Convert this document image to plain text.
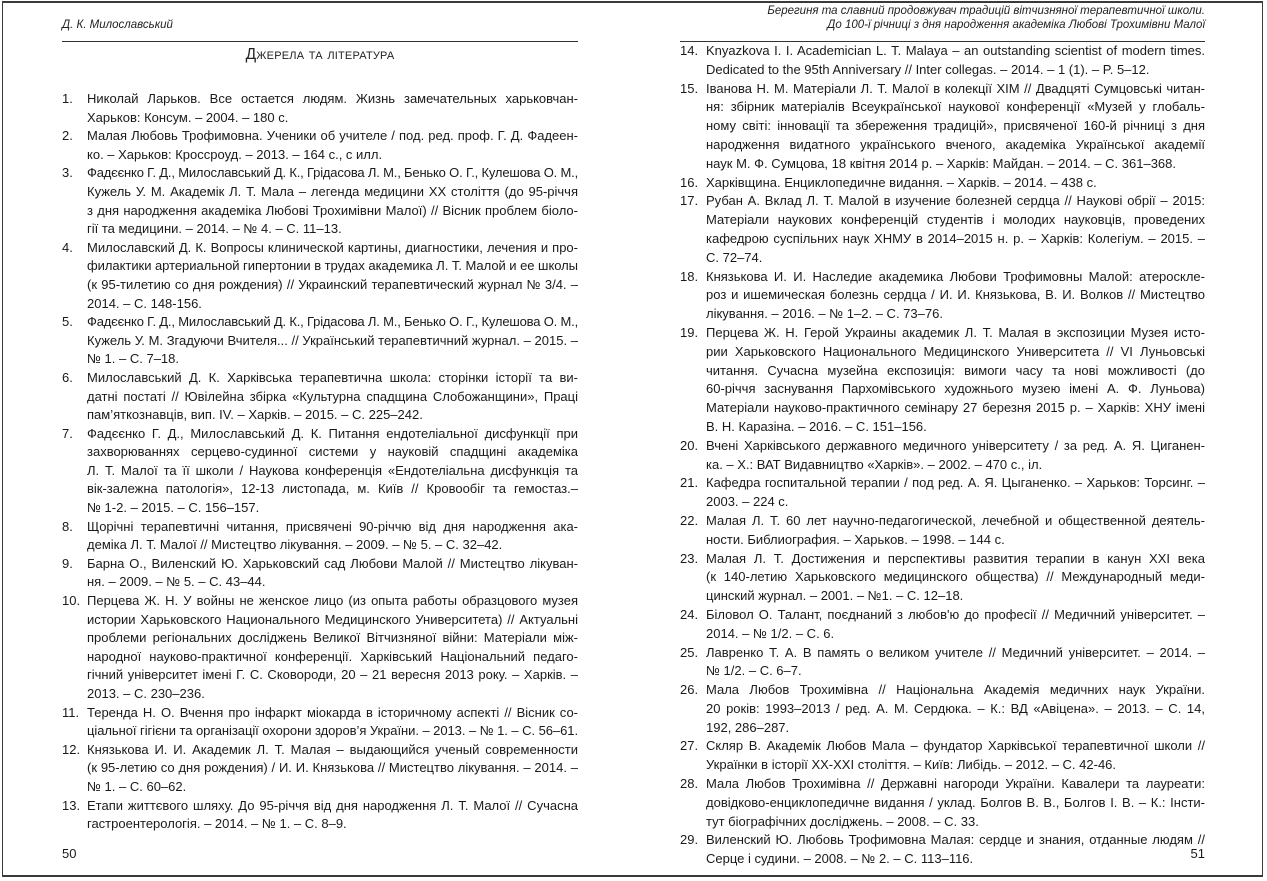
Д. К. Милославський
Джерела та література
1. Николай Ларьков. Все остается людям. Жизнь замечательных харьковчан-
Харьков: Консум. – 2004. – 180 с.
2. Малая Любовь Трофимовна. Ученики об учителе / под. ред. проф. Г. Д. Фадеен-
ко. – Харьков: Кроссроуд. – 2013. – 164 с., с илл.
3. Фадєєнко Г. Д., Милославський Д. К., Грідасова Л. М., Бенько О. Г., Кулешова О. М.,
Кужель У. М. Академік Л. Т. Мала – легенда медицини ХХ століття (до 95-річчя
з дня народження академіка Любові Трохимівни Малої) // Вісник проблем біоло-
гії та медицини. – 2014. – № 4. – С. 11–13.
4. Милославский Д. К. Вопросы клинической картины, диагностики, лечения и про-
филактики артериальной гипертонии в трудах академика Л. Т. Малой и ее школы
(к 95-тилетию со дня рождения) // Украинский терапевтический журнал № 3/4. –
2014. – С. 148-156.
5. Фадєєнко Г. Д., Милославський Д. К., Грідасова Л. М., Бенько О. Г., Кулешова О. М.,
Кужель У. М. Згадуючи Вчителя... // Український терапевтичний журнал. – 2015. –
№ 1. – С. 7–18.
6. Милославський Д. К. Харківська терапевтична школа: сторінки історії та ви-
датні постаті // Ювілейна збірка «Культурна спадщина Слобожанщини», Праці
пам’яткознавців, вип. IV. – Харків. – 2015. – С. 225–242.
7. Фадєєнко Г. Д., Милославський Д. К. Питання ендотеліальної дисфункції при
захворюваннях серцево-судинної системи у науковій спадщині академіка
Л. Т. Малої та її школи / Наукова конференція «Ендотеліальна дисфункція та
вік-залежна патологія», 12-13 листопада, м. Київ // Кровообіг та гемостаз.–
№ 1-2. – 2015. – С. 156–157.
8. Щорічні терапевтичні читання, присвячені 90-річчю від дня народження ака-
деміка Л. Т. Малої // Мистецтво лікування. – 2009. – № 5. – С. 32–42.
9. Барна О., Виленский Ю. Харьковский сад Любови Малой // Мистецтво лікуван-
ня. – 2009. – № 5. – С. 43–44.
10. Перцева Ж. Н. У войны не женское лицо (из опыта работы образцового музея
истории Харьковского Национального Медицинского Университета) // Актуальні
проблеми регіональних досліджень Великої Вітчизняної війни: Матеріали між-
народної науково-практичної конференції. Харківський Національний педаго-
гічний університет імені Г. С. Сковороди, 20 – 21 вересня 2013 року. – Харків. –
2013. – С. 230–236.
11. Теренда Н. О. Вчення про інфаркт міокарда в історичному аспекті // Вісник со-
ціальної гігієни та організації охорони здоров’я України. – 2013. – № 1. – С. 56–61.
12. Князькова И. И. Академик Л. Т. Малая – выдающийся ученый современности
(к 95-летию со дня рождения) / И. И. Князькова // Мистецтво лікування. – 2014. –
№ 1. – С. 60–62.
13. Етапи життєвого шляху. До 95-річчя від дня народження Л. Т. Малої // Сучасна
гастроентерологія. – 2014. – № 1. – С. 8–9.
50
Берегиня та славний продовжувач традицій вітчизняної терапевтичної школи.
До 100-ї річниці з дня народження академіка Любові Трохимівни Малої
14. Knyazkova I. I. Academician L. T. Malaya – an outstanding scientist of modern times.
Dedicated to the 95th Anniversary // Inter collegas. – 2014. – 1 (1). – P. 5–12.
15. Іванова Н. М. Матеріали Л. Т. Малої в колекції ХІМ // Двадцяті Сумцовські читан-
ня: збірник матеріалів Всеукраїнської наукової конференції «Музей у глобаль-
ному світі: інновації та збереження традицій», присвяченої 160-й річниці з дня
народження видатного українського вченого, академіка Української академії
наук М. Ф. Сумцова, 18 квітня 2014 р. – Харків: Майдан. – 2014. – С. 361–368.
16. Харківщина. Енциклопедичне видання. – Харків. – 2014. – 438 с.
17. Рубан А. Вклад Л. Т. Малой в изучение болезней сердца // Наукові обрії – 2015:
Матеріали наукових конференцій студентів і молодих науковців, проведених
кафедрою суспільних наук ХНМУ в 2014–2015 н. р. – Харків: Колегіум. – 2015. –
С. 72–74.
18. Князькова И. И. Наследие академика Любови Трофимовны Малой: атероскле-
роз и ишемическая болезнь сердца / И. И. Князькова, В. И. Волков // Мистецтво
лікування. – 2016. – № 1–2. – С. 73–76.
19. Перцева Ж. Н. Герой Украины академик Л. Т. Малая в экспозиции Музея исто-
рии Харьковского Национального Медицинского Университета // VI Луньовські
читання. Сучасна музейна експозиція: вимоги часу та нові можливості (до
60-річчя заснування Пархомівського художнього музею імені А. Ф. Луньова)
Матеріали науково-практичного семінару 27 березня 2015 р. – Харків: ХНУ імені
В. Н. Каразіна. – 2016. – С. 151–156.
20. Вчені Харківського державного медичного університету / за ред. А. Я. Циганен-
ка. – Х.: ВАТ Видавництво «Харків». – 2002. – 470 с., іл.
21. Кафедра госпитальной терапии / под ред. А. Я. Цыганенко. – Харьков: Торсинг. –
2003. – 224 с.
22. Малая Л. Т. 60 лет научно-педагогической, лечебной и общественной деятель-
ности. Библиография. – Харьков. – 1998. – 144 с.
23. Малая Л. Т. Достижения и перспективы развития терапии в канун XXI века
(к 140-летию Харьковского медицинского общества) // Международный меди-
цинский журнал. – 2001. – №1. – С. 12–18.
24. Біловол О. Талант, поєднаний з любов'ю до професії // Медичний університет. –
2014. – № 1/2. – С. 6.
25. Лавренко Т. А. В память о великом учителе // Медичний університет. – 2014. –
№ 1/2. – С. 6–7.
26. Мала Любов Трохимівна // Національна Академія медичних наук України.
20 років: 1993–2013 / ред. А. М. Сердюка. – К.: ВД «Авіцена». – 2013. – С. 14,
192, 286–287.
27. Скляр В. Академік Любов Мала – фундатор Харківської терапевтичної школи //
Українки в історії ХХ-ХХІ століття. – Київ: Либідь. – 2012. – С. 42-46.
28. Мала Любов Трохимівна // Державні нагороди України. Кавалери та лауреати:
довідково-енциклопедичне видання / уклад. Болгов В. В., Болгов І. В. – К.: Інсти-
тут біографічних досліджень. – 2008. – С. 33.
29. Виленский Ю. Любовь Трофимовна Малая: сердце и знания, отданные людям //
Серце і судини. – 2008. – № 2. – С. 113–116.	51
